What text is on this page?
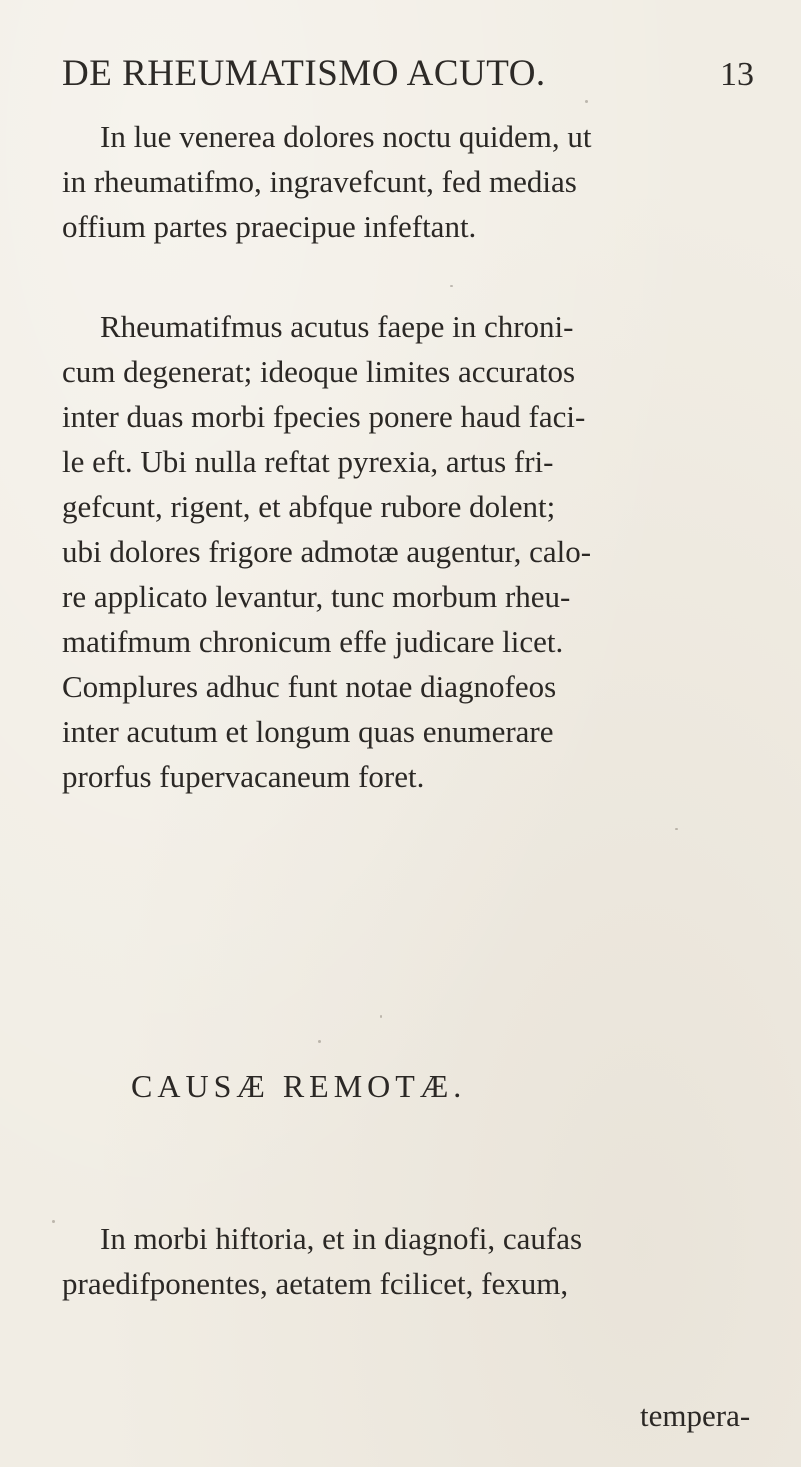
DE RHEUMATISMO ACUTO.	13
In lue venerea dolores noctu quidem, ut
in rheumatifmo, ingravefcunt, fed medias
offium partes praecipue infeftant.
Rheumatifmus acutus faepe in chroni-
cum degenerat; ideoque limites accuratos
inter duas morbi fpecies ponere haud faci-
le eft. Ubi nulla reftat pyrexia, artus fri-
gefcunt, rigent, et abfque rubore dolent;
ubi dolores frigore admotæ augentur, calo-
re applicato levantur, tunc morbum rheu-
matifmum chronicum effe judicare licet.
Complures adhuc funt notae diagnofeos
inter acutum et longum quas enumerare
prorfus fupervacaneum foret.
CAUSÆ REMOTÆ.
In morbi hiftoria, et in diagnofi, caufas
praedifponentes, aetatem fcilicet, fexum,
tempera-
